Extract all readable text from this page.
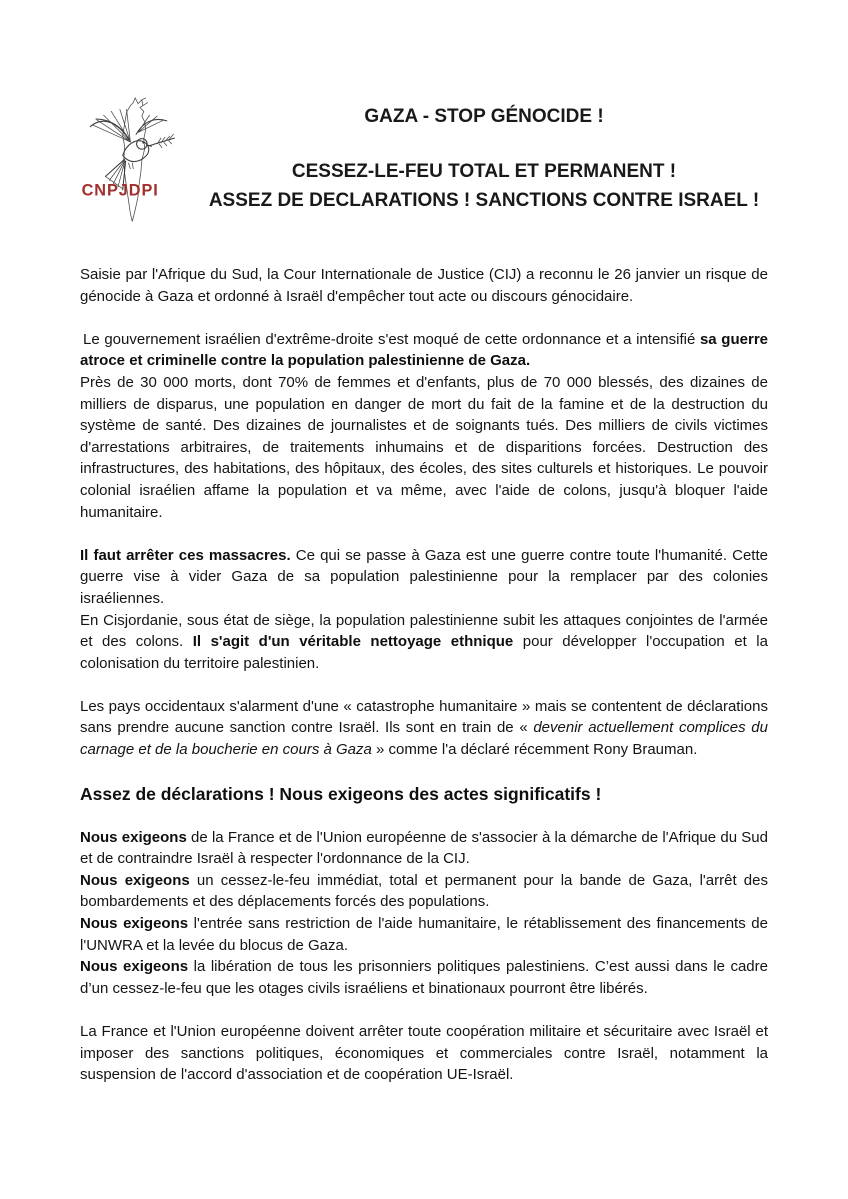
CNPJDPI
GAZA - STOP GÉNOCIDE !
CESSEZ-LE-FEU TOTAL ET PERMANENT !
ASSEZ DE DECLARATIONS ! SANCTIONS CONTRE ISRAEL !

Saisie par l'Afrique du Sud, la Cour Internationale de Justice (CIJ) a reconnu le 26 janvier un risque de génocide à Gaza et ordonné à Israël d'empêcher tout acte ou discours génocidaire.

Le gouvernement israélien d'extrême-droite s'est moqué de cette ordonnance et a intensifié sa guerre atroce et criminelle contre la population palestinienne de Gaza.

Près de 30 000 morts, dont 70% de femmes et d'enfants, plus de 70 000 blessés, des dizaines de milliers de disparus, une population en danger de mort du fait de la famine et de la destruction du système de santé. Des dizaines de journalistes et de soignants tués. Des milliers de civils victimes d'arrestations arbitraires, de traitements inhumains et de disparitions forcées. Destruction des infrastructures, des habitations, des hôpitaux, des écoles, des sites culturels et historiques. Le pouvoir colonial israélien affame la population et va même, avec l'aide de colons, jusqu'à bloquer l'aide humanitaire.

Il faut arrêter ces massacres. Ce qui se passe à Gaza est une guerre contre toute l'humanité. Cette guerre vise à vider Gaza de sa population palestinienne pour la remplacer par des colonies israéliennes.

En Cisjordanie, sous état de siège, la population palestinienne subit les attaques conjointes de l'armée et des colons. Il s'agit d'un véritable nettoyage ethnique pour développer l'occupation et la colonisation du territoire palestinien.

Les pays occidentaux s'alarment d'une « catastrophe humanitaire » mais se contentent de déclarations sans prendre aucune sanction contre Israël. Ils sont en train de « devenir actuellement complices du carnage et de la boucherie en cours à Gaza » comme l'a déclaré récemment Rony Brauman.

Assez de déclarations ! Nous exigeons des actes significatifs !

Nous exigeons de la France et de l'Union européenne de s'associer à la démarche de l'Afrique du Sud et de contraindre Israël à respecter l'ordonnance de la CIJ.

Nous exigeons un cessez-le-feu immédiat, total et permanent pour la bande de Gaza, l'arrêt des bombardements et des déplacements forcés des populations.

Nous exigeons l'entrée sans restriction de l'aide humanitaire, le rétablissement des financements de l'UNWRA et la levée du blocus de Gaza.

Nous exigeons la libération de tous les prisonniers politiques palestiniens. C’est aussi dans le cadre d’un cessez-le-feu que les otages civils israéliens et binationaux pourront être libérés.

La France et l'Union européenne doivent arrêter toute coopération militaire et sécuritaire avec Israël et imposer des sanctions politiques, économiques et commerciales contre Israël, notamment la suspension de l'accord d'association et de coopération UE-Israël.
